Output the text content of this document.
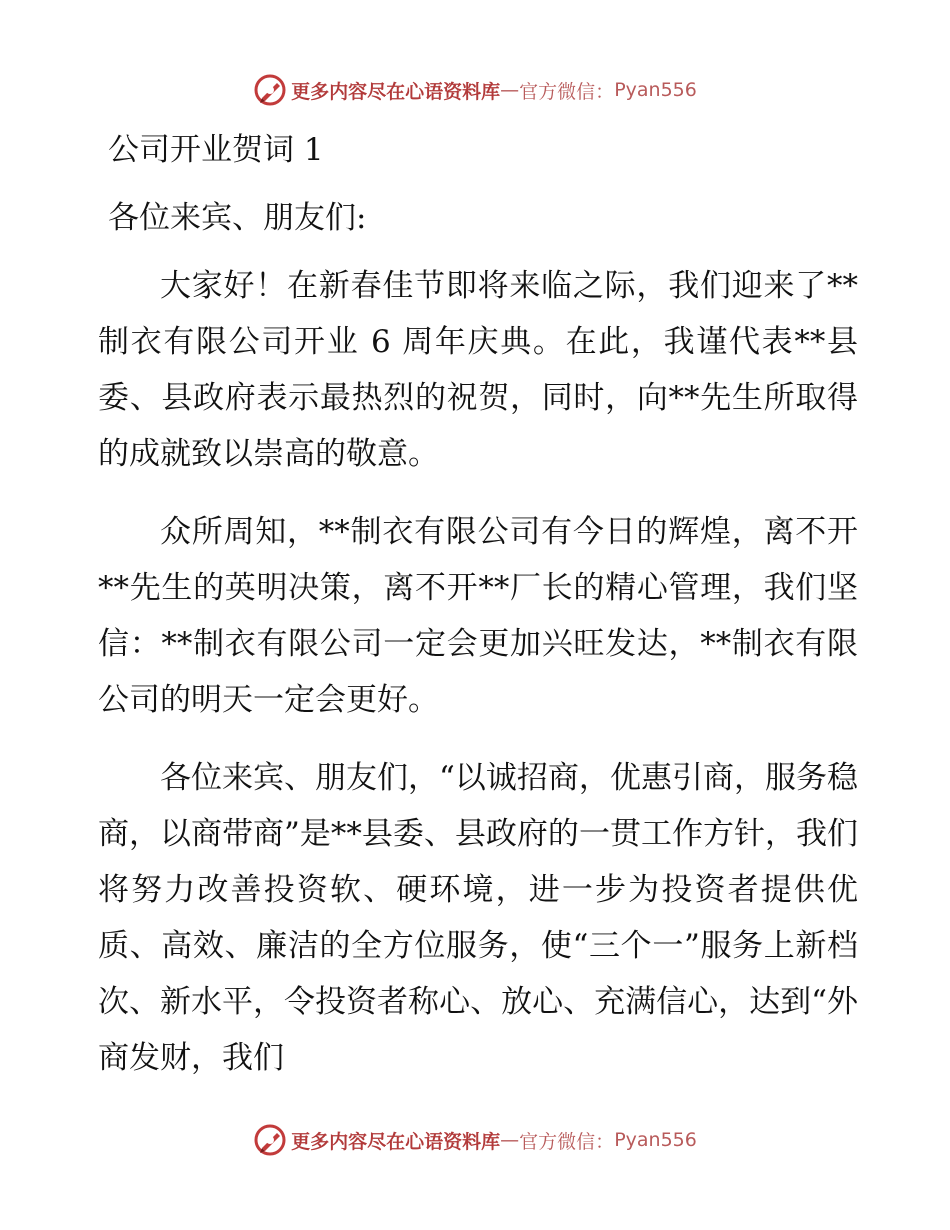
更多内容尽在心语资料库 — 官方微信： Pyan556
公司开业贺词 1
各位来宾、朋友们:

大家好！在新春佳节即将来临之际，我们迎来了**制衣有限公司开业 6 周年庆典。在此，我谨代表**县委、县政府表示最热烈的祝贺，同时，向**先生所取得的成就致以崇高的敬意。

众所周知，**制衣有限公司有今日的辉煌，离不开**先生的英明决策，离不开**厂长的精心管理，我们坚信：**制衣有限公司一定会更加兴旺发达，**制衣有限公司的明天一定会更好。

各位来宾、朋友们，“以诚招商，优惠引商，服务稳商，以商带商”是**县委、县政府的一贯工作方针，我们将努力改善投资软、硬环境，进一步为投资者提供优质、高效、廉洁的全方位服务，使“三个一”服务上新档次、新水平，令投资者称心、放心、充满信心，达到“外商发财，我们

更多内容尽在心语资料库 — 官方微信： Pyan556
